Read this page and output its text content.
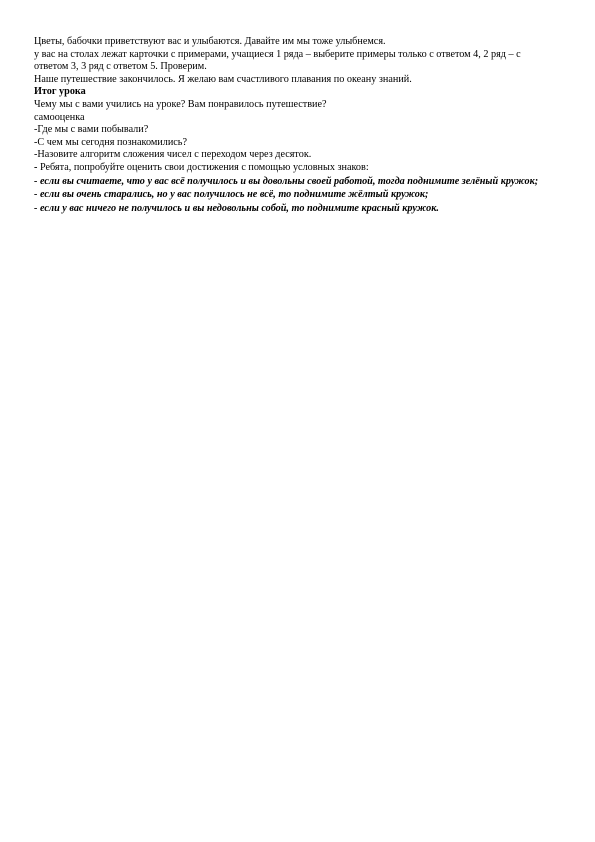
Цветы, бабочки приветствуют вас и улыбаются. Давайте им мы тоже улыбнемся.
у вас на столах лежат карточки с примерами, учащиеся 1 ряда – выберите примеры только с ответом 4, 2 ряд – с ответом 3, 3 ряд с ответом 5. Проверим.
Наше путешествие закончилось. Я желаю вам счастливого плавания по океану знаний.
Итог урока
Чему мы с вами учились на уроке? Вам понравилось путешествие?
самооценка
-Где мы с вами побывали?
-С чем мы сегодня познакомились?
-Назовите алгоритм сложения чисел с переходом через десяток.
- Ребята, попробуйте оценить свои достижения с помощью условных знаков:
- если вы считаете, что у вас всё получилось и вы довольны своей работой, тогда поднимите зелёный кружок;
- если вы очень старались, но у вас получилось не всё, то поднимите жёлтый кружок;
- если у вас ничего не получилось и вы недовольны собой, то поднимите красный кружок.
